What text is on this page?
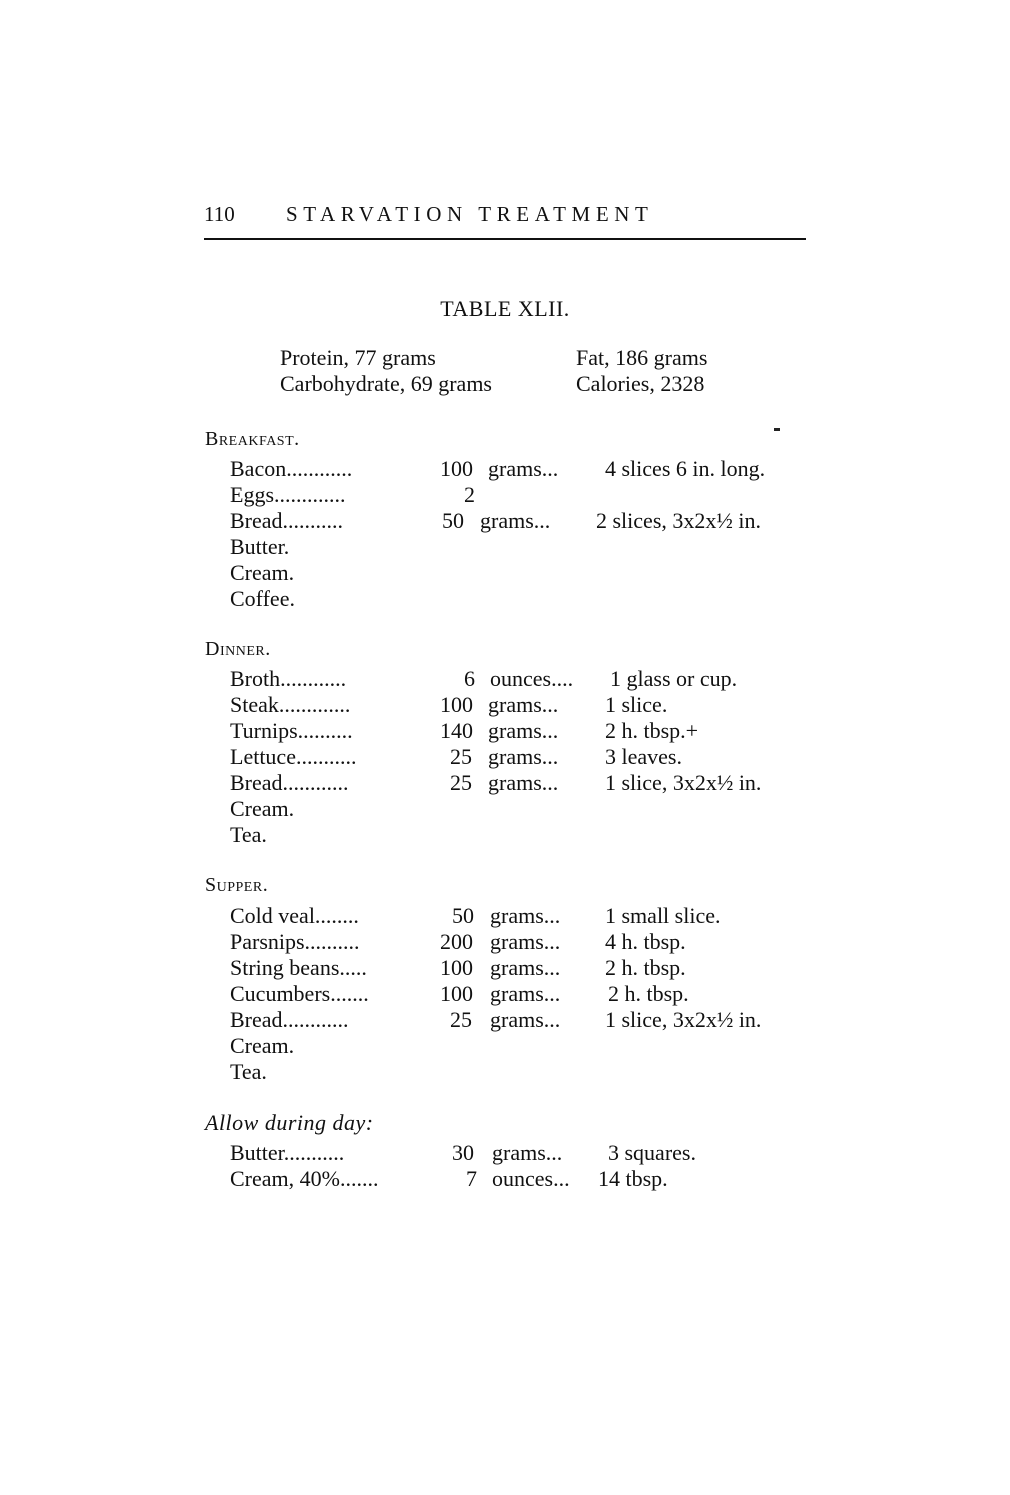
110 STARVATION TREATMENT
TABLE XLII.
Protein, 77 grams	Fat, 186 grams
Carbohydrate, 69 grams	Calories, 2328
Breakfast.
Bacon............	100 grams... 4 slices 6 in. long.
Eggs.............	2
Bread...........	50 grams... 2 slices, 3x2x½ in.
Butter.
Cream.
Coffee.
Dinner.
Broth............	6 ounces.... 1 glass or cup.
Steak.............	100 grams... 1 slice.
Turnips..........	140 grams... 2 h. tbsp.+
Lettuce...........	25 grams... 3 leaves.
Bread............	25 grams... 1 slice, 3x2x½ in.
Cream.
Tea.
Supper.
Cold veal........	50 grams... 1 small slice.
Parsnips..........	200 grams... 4 h. tbsp.
String beans.....	100 grams... 2 h. tbsp.
Cucumbers.......	100 grams... 2 h. tbsp.
Bread............	25 grams... 1 slice, 3x2x½ in.
Cream.
Tea.
Allow during day:
Butter...........	30 grams... 3 squares.
Cream, 40%.......	7 ounces... 14 tbsp.
